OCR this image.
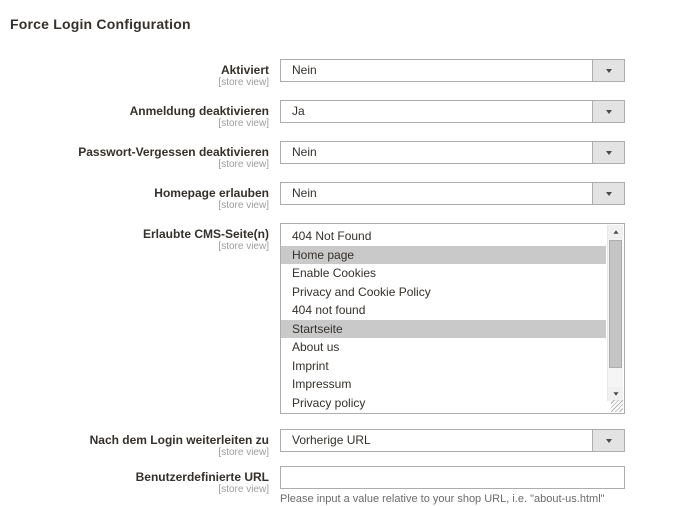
Force Login Configuration
Aktiviert
[store view]
Nein
Anmeldung deaktivieren
[store view]
Ja
Passwort-Vergessen deaktivieren
[store view]
Nein
Homepage erlauben
[store view]
Nein
Erlaubte CMS-Seite(n)
[store view]
404 Not Found
Home page
Enable Cookies
Privacy and Cookie Policy
404 not found
Startseite
About us
Imprint
Impressum
Privacy policy
Nach dem Login weiterleiten zu
[store view]
Vorherige URL
Benutzerdefinierte URL
[store view]
Please input a value relative to your shop URL, i.e. "about-us.html"
